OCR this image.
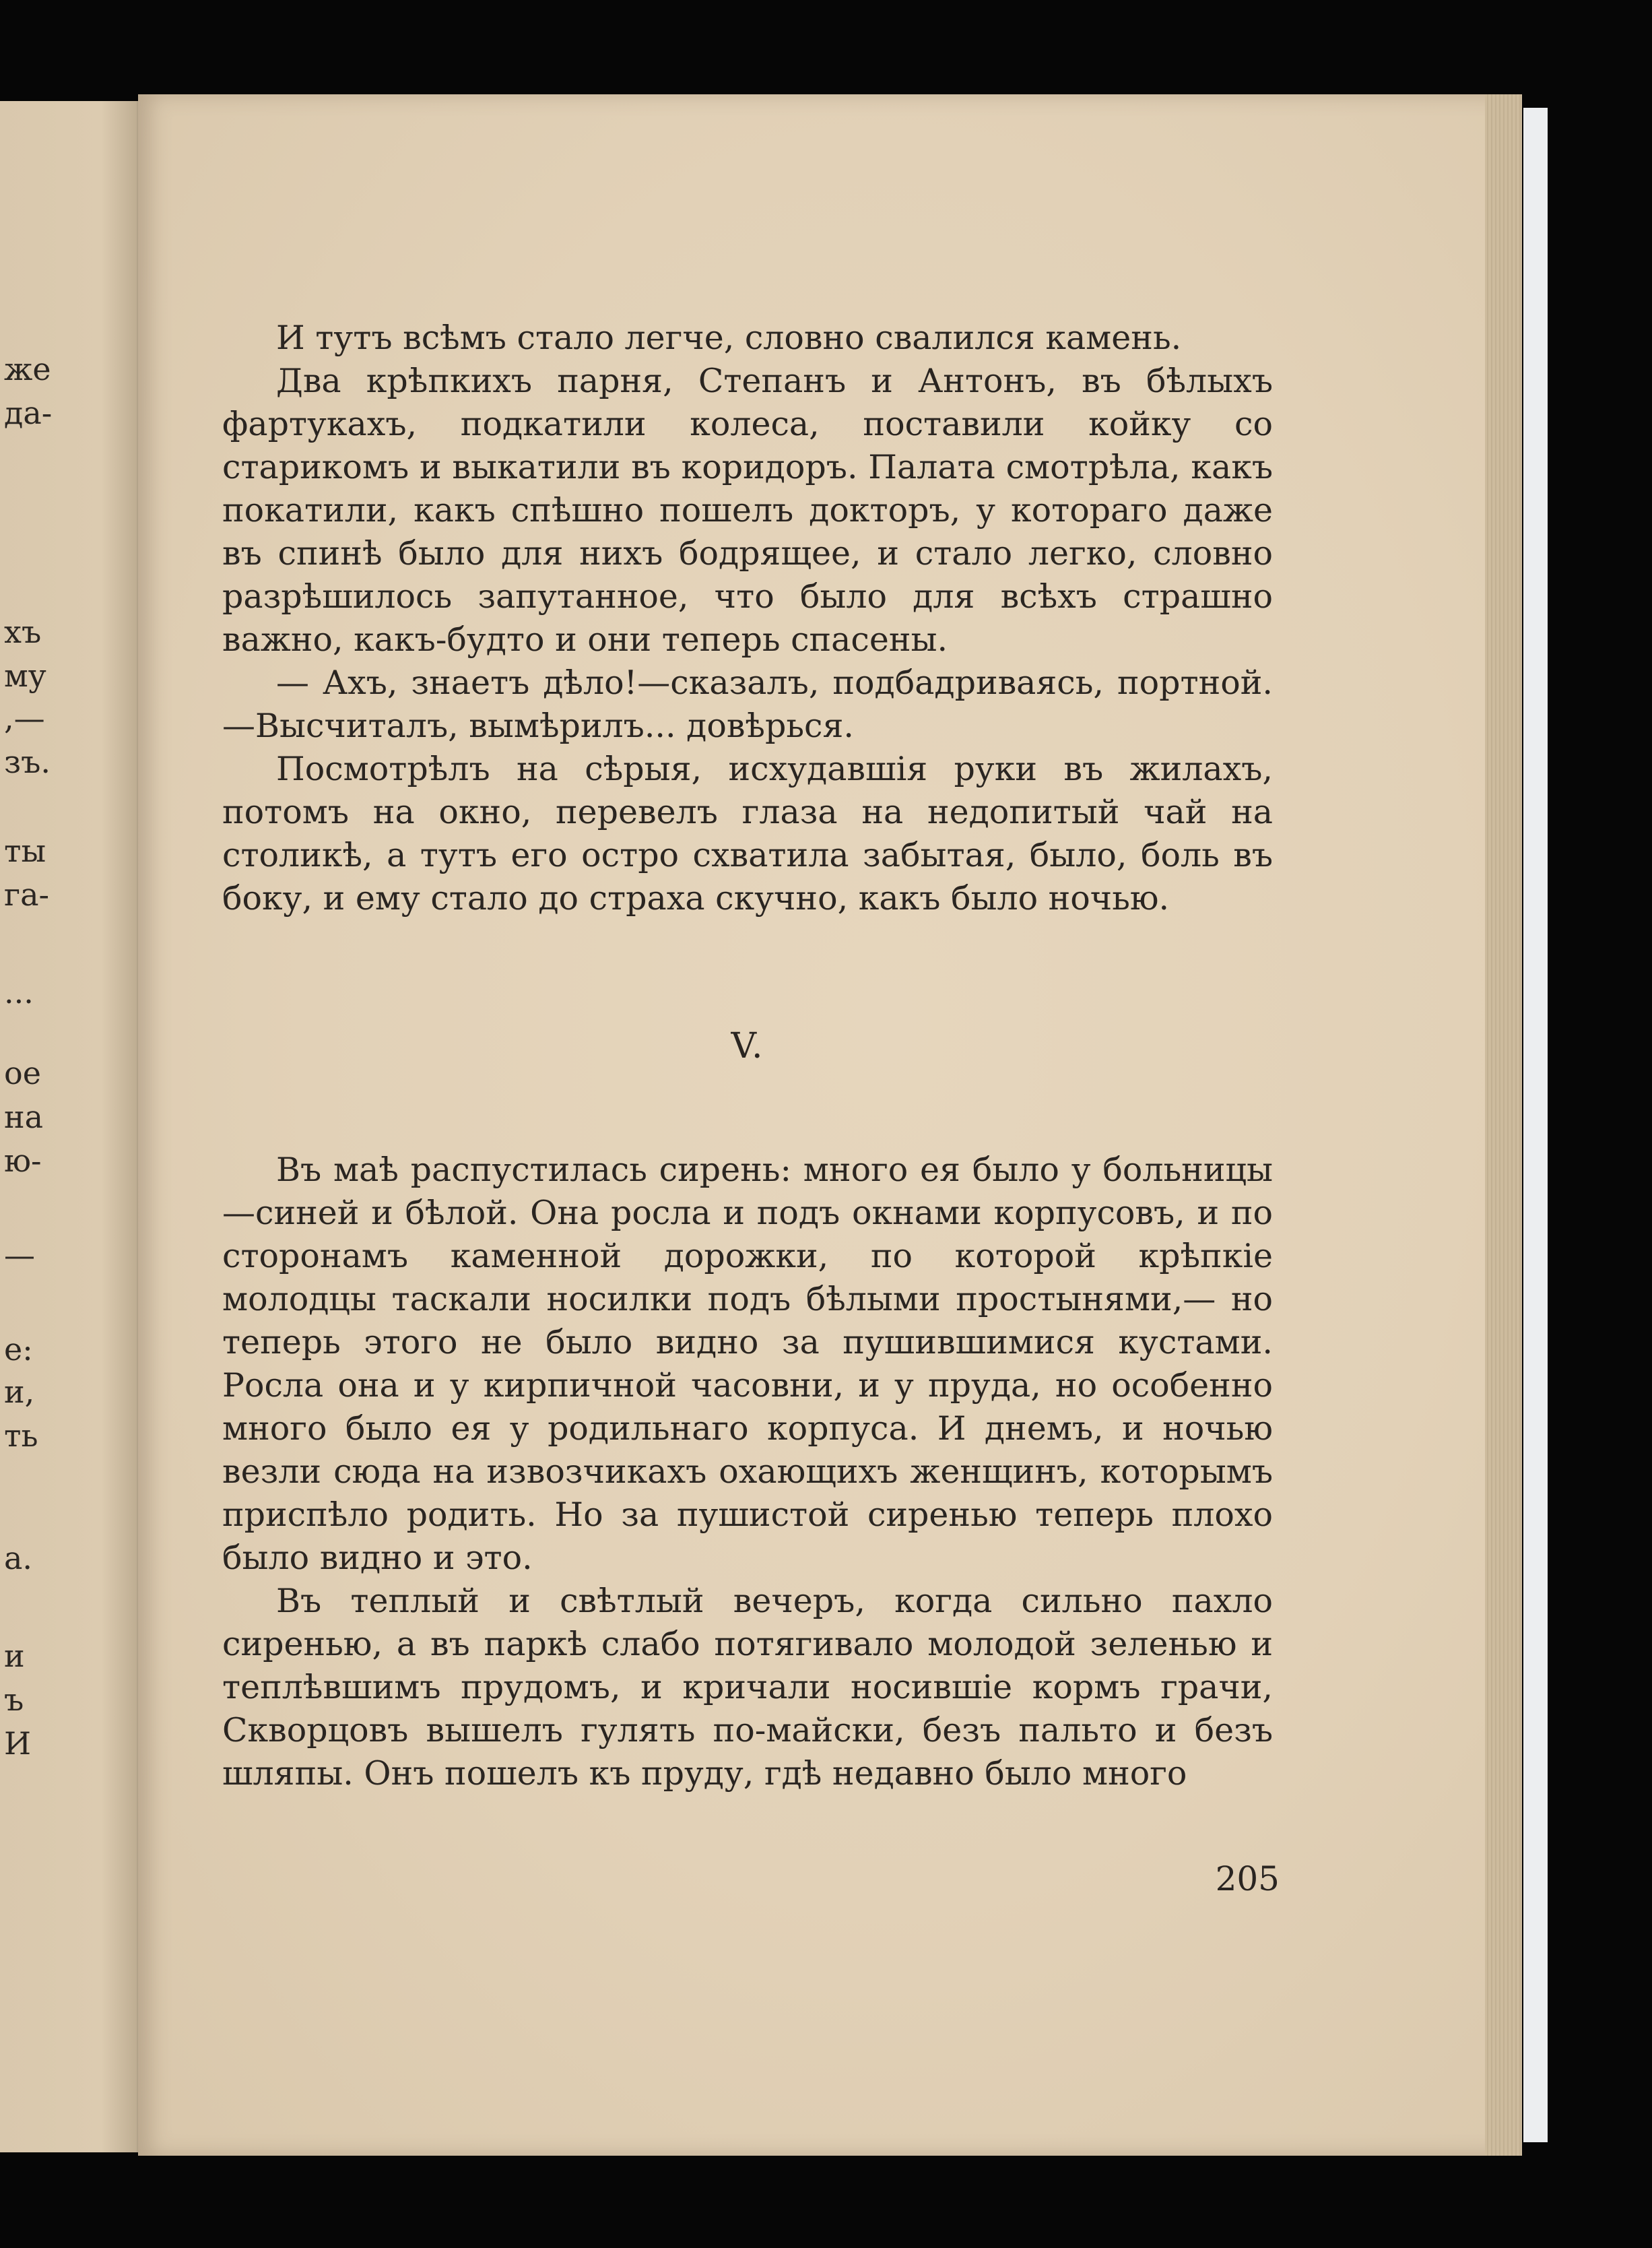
же
да-
хъ
му
,—
зъ.
ты
га-
...
ое
на
ю-
—
е:
и,
ть
а.
и
ъ
И

И тутъ всѣмъ стало легче, словно свалился камень.

Два крѣпкихъ парня, Степанъ и Антонъ, въ бѣлыхъ фартукахъ, подкатили колеса, поставили койку со старикомъ и выкатили въ коридоръ. Палата смотрѣла, какъ покатили, какъ спѣшно пошелъ докторъ, у котораго даже въ спинѣ было для нихъ бодрящее, и стало легко, словно разрѣшилось запутанное, что было для всѣхъ страшно важно, какъ-будто и они теперь спасены.

— Ахъ, знаетъ дѣло!—сказалъ, подбадриваясь, портной.—Высчиталъ, вымѣрилъ... довѣрься.

Посмотрѣлъ на сѣрыя, исхудавшія руки въ жилахъ, потомъ на окно, перевелъ глаза на недопитый чай на столикѣ, а тутъ его остро схватила забытая, было, боль въ боку, и ему стало до страха скучно, какъ было ночью.

V.

Въ маѣ распустилась сирень: много ея было у больницы—синей и бѣлой. Она росла и подъ окнами корпусовъ, и по сторонамъ каменной дорожки, по которой крѣпкіе молодцы таскали носилки подъ бѣлыми простынями,— но теперь этого не было видно за пушившимися кустами. Росла она и у кирпичной часовни, и у пруда, но особенно много было ея у родильнаго корпуса. И днемъ, и ночью везли сюда на извозчикахъ охающихъ женщинъ, которымъ приспѣло родить. Но за пушистой сиренью теперь плохо было видно и это.

Въ теплый и свѣтлый вечеръ, когда сильно пахло сиренью, а въ паркѣ слабо потягивало молодой зеленью и теплѣвшимъ прудомъ, и кричали носившіе кормъ грачи, Скворцовъ вышелъ гулять по-майски, безъ пальто и безъ шляпы. Онъ пошелъ къ пруду, гдѣ недавно было много

205
